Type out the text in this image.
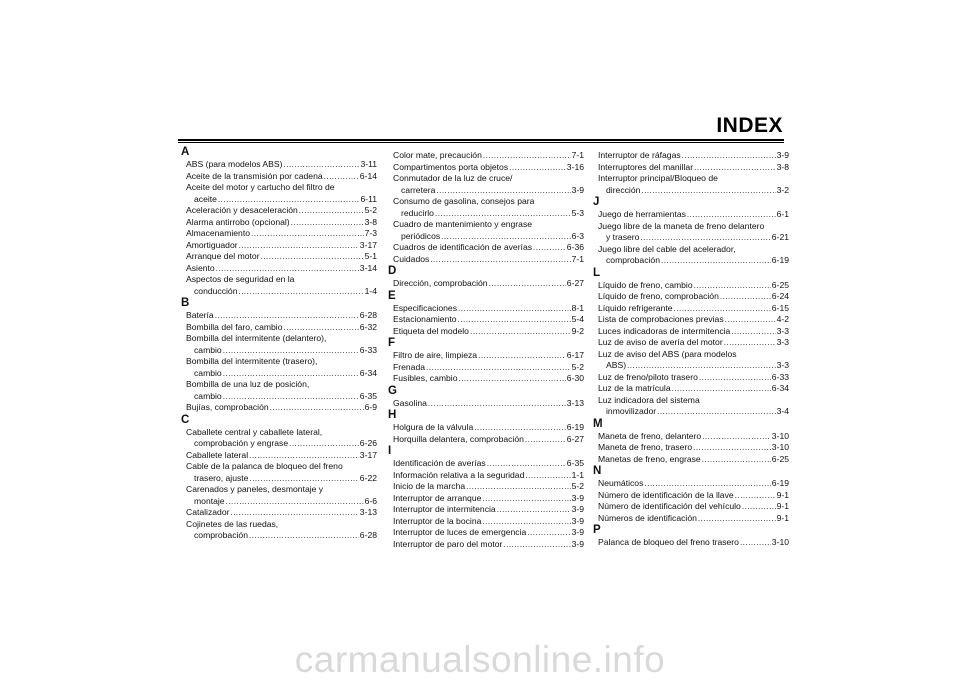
INDEX
A
ABS (para modelos ABS) .....	3-11
Aceite de la transmisión por cadena .....	6-14
Aceite del motor y cartucho del filtro de
aceite .....	6-11
Aceleración y desaceleración .....	5-2
Alarma antirrobo (opcional) .....	3-8
Almacenamiento .....	7-3
Amortiguador .....	3-17
Arranque del motor .....	5-1
Asiento .....	3-14
Aspectos de seguridad en la
conducción .....	1-4
B
Batería .....	6-28
Bombilla del faro, cambio .....	6-32
Bombilla del intermitente (delantero),
cambio .....	6-33
Bombilla del intermitente (trasero),
cambio .....	6-34
Bombilla de una luz de posición,
cambio .....	6-35
Bujías, comprobación .....	6-9
C
Caballete central y caballete lateral,
comprobación y engrase .....	6-26
Caballete lateral .....	3-17
Cable de la palanca de bloqueo del freno
trasero, ajuste .....	6-22
Carenados y paneles, desmontaje y
montaje .....	6-6
Catalizador .....	3-13
Cojinetes de las ruedas,
comprobación .....	6-28
Color mate, precaución .....	7-1
Compartimentos porta objetos .....	3-16
Conmutador de la luz de cruce/
carretera .....	3-9
Consumo de gasolina, consejos para
reducirlo .....	5-3
Cuadro de mantenimiento y engrase
periódicos .....	6-3
Cuadros de identificación de averías .....	6-36
Cuidados .....	7-1
D
Dirección, comprobación .....	6-27
E
Especificaciones .....	8-1
Estacionamiento .....	5-4
Etiqueta del modelo .....	9-2
F
Filtro de aire, limpieza .....	6-17
Frenada .....	5-2
Fusibles, cambio .....	6-30
G
Gasolina .....	3-13
H
Holgura de la válvula .....	6-19
Horquilla delantera, comprobación .....	6-27
I
Identificación de averías .....	6-35
Información relativa a la seguridad .....	1-1
Inicio de la marcha .....	5-2
Interruptor de arranque .....	3-9
Interruptor de intermitencia .....	3-9
Interruptor de la bocina .....	3-9
Interruptor de luces de emergencia .....	3-9
Interruptor de paro del motor .....	3-9
Interruptor de ráfagas .....	3-9
Interruptores del manillar .....	3-8
Interruptor principal/Bloqueo de
dirección .....	3-2
J
Juego de herramientas .....	6-1
Juego libre de la maneta de freno delantero
y trasero .....	6-21
Juego libre del cable del acelerador,
comprobación .....	6-19
L
Líquido de freno, cambio .....	6-25
Líquido de freno, comprobación .....	6-24
Líquido refrigerante .....	6-15
Lista de comprobaciones previas .....	4-2
Luces indicadoras de intermitencia .....	3-3
Luz de aviso de avería del motor .....	3-3
Luz de aviso del ABS (para modelos
ABS) .....	3-3
Luz de freno/piloto trasero .....	6-33
Luz de la matrícula .....	6-34
Luz indicadora del sistema
inmovilizador .....	3-4
M
Maneta de freno, delantero .....	3-10
Maneta de freno, trasero .....	3-10
Manetas de freno, engrase .....	6-25
N
Neumáticos .....	6-19
Número de identificación de la llave .....	9-1
Número de identificación del vehículo .....	9-1
Números de identificación .....	9-1
P
Palanca de bloqueo del freno trasero .....	3-10
carmanualsonline.info
